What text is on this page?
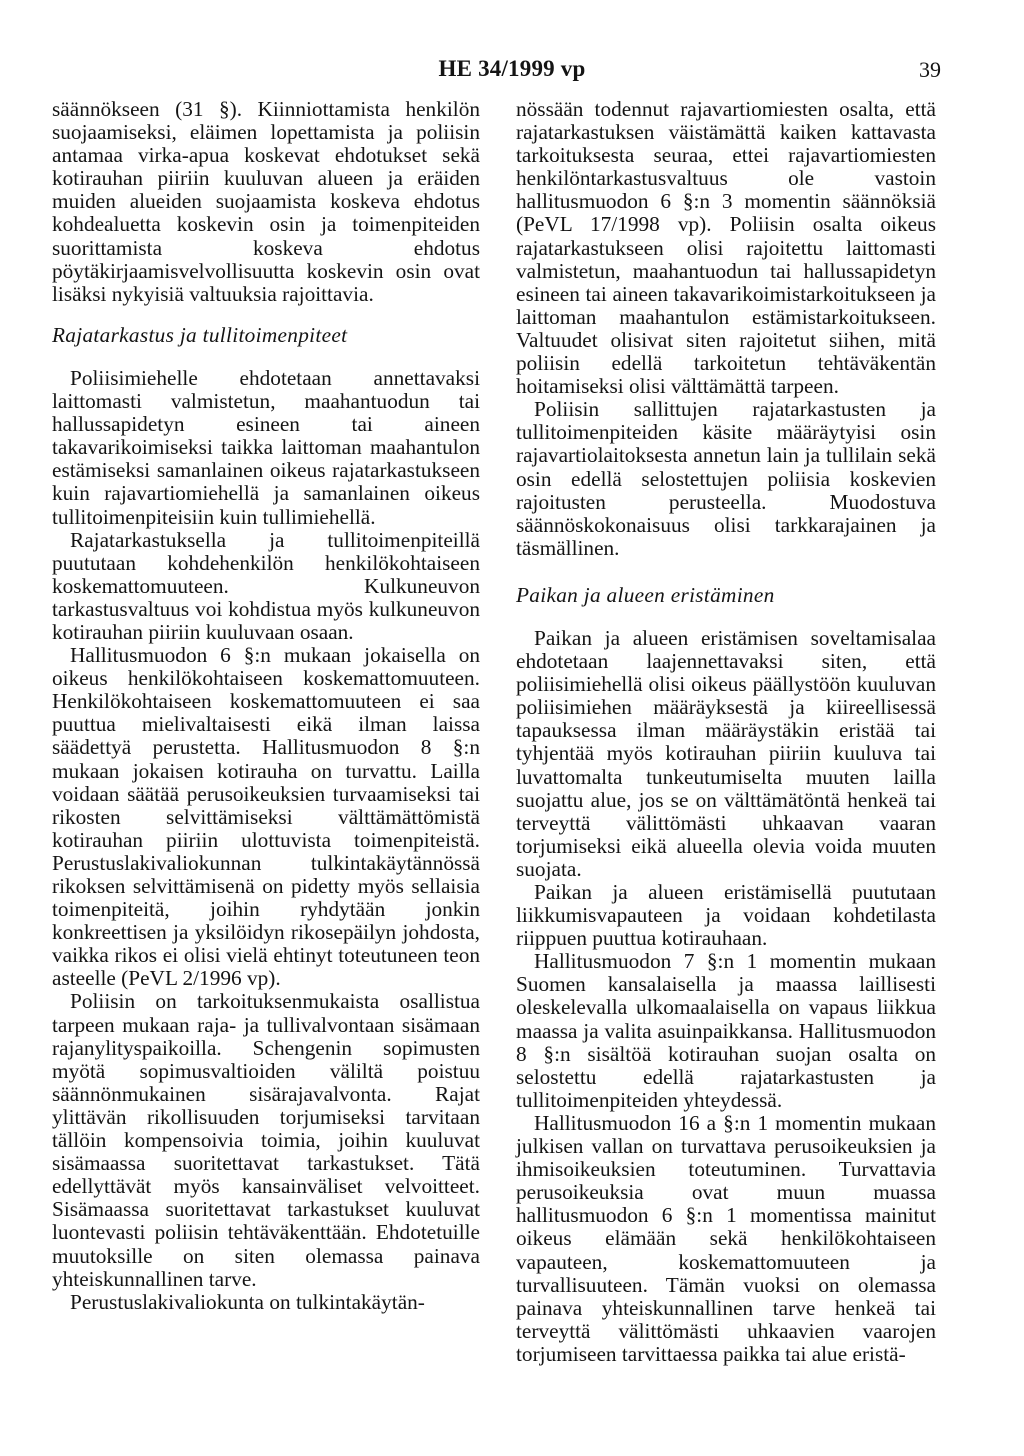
HE 34/1999 vp	39

säännökseen (31 §). Kiinniottamista henkilön suojaamiseksi, eläimen lopettamista ja poliisin antamaa virka-apua koskevat ehdotukset sekä kotirauhan piiriin kuuluvan alueen ja eräiden muiden alueiden suojaamista koskeva ehdotus kohdealuetta koskevin osin ja toimenpiteiden suorittamista koskeva ehdotus pöytäkirjaamisvelvollisuutta koskevin osin ovat lisäksi nykyisiä valtuuksia rajoittavia.

Rajatarkastus ja tullitoimenpiteet

Poliisimiehelle ehdotetaan annettavaksi laittomasti valmistetun, maahantuodun tai hallussapidetyn esineen tai aineen takavarikoimiseksi taikka laittoman maahantulon estämiseksi samanlainen oikeus rajatarkastukseen kuin rajavartiomiehellä ja samanlainen oikeus tullitoimenpiteisiin kuin tullimiehellä.

Rajatarkastuksella ja tullitoimenpiteillä puututaan kohdehenkilön henkilökohtaiseen koskemattomuuteen. Kulkuneuvon tarkastusvaltuus voi kohdistua myös kulkuneuvon kotirauhan piiriin kuuluvaan osaan.

Hallitusmuodon 6 §:n mukaan jokaisella on oikeus henkilökohtaiseen koskemattomuuteen. Henkilökohtaiseen koskemattomuuteen ei saa puuttua mielivaltaisesti eikä ilman laissa säädettyä perustetta. Hallitusmuodon 8 §:n mukaan jokaisen kotirauha on turvattu. Lailla voidaan säätää perusoikeuksien turvaamiseksi tai rikosten selvittämiseksi välttämättömistä kotirauhan piiriin ulottuvista toimenpiteistä. Perustuslakivaliokunnan tulkintakäytännössä rikoksen selvittämisenä on pidetty myös sellaisia toimenpiteitä, joihin ryhdytään jonkin konkreettisen ja yksilöidyn rikosepäilyn johdosta, vaikka rikos ei olisi vielä ehtinyt toteutuneen teon asteelle (PeVL 2/1996 vp).

Poliisin on tarkoituksenmukaista osallistua tarpeen mukaan raja- ja tullivalvontaan sisämaan rajanylityspaikoilla. Schengenin sopimusten myötä sopimusvaltioiden väliltä poistuu säännönmukainen sisärajavalvonta. Rajat ylittävän rikollisuuden torjumiseksi tarvitaan tällöin kompensoivia toimia, joihin kuuluvat sisämaassa suoritettavat tarkastukset. Tätä edellyttävät myös kansainväliset velvoitteet. Sisämaassa suoritettavat tarkastukset kuuluvat luontevasti poliisin tehtäväkenttään. Ehdotetuille muutoksille on siten olemassa painava yhteiskunnallinen tarve.

Perustuslakivaliokunta on tulkintakäytän-

nössään todennut rajavartiomiesten osalta, että rajatarkastuksen väistämättä kaiken kattavasta tarkoituksesta seuraa, ettei rajavartiomiesten henkilöntarkastusvaltuus ole vastoin hallitusmuodon 6 §:n 3 momentin säännöksiä (PeVL 17/1998 vp). Poliisin osalta oikeus rajatarkastukseen olisi rajoitettu laittomasti valmistetun, maahantuodun tai hallussapidetyn esineen tai aineen takavarikoimistarkoitukseen ja laittoman maahantulon estämistarkoitukseen. Valtuudet olisivat siten rajoitetut siihen, mitä poliisin edellä tarkoitetun tehtäväkentän hoitamiseksi olisi välttämättä tarpeen.

Poliisin sallittujen rajatarkastusten ja tullitoimenpiteiden käsite määräytyisi osin rajavartiolaitoksesta annetun lain ja tullilain sekä osin edellä selostettujen poliisia koskevien rajoitusten perusteella. Muodostuva säännöskokonaisuus olisi tarkkarajainen ja täsmällinen.

Paikan ja alueen eristäminen

Paikan ja alueen eristämisen soveltamisalaa ehdotetaan laajennettavaksi siten, että poliisimiehellä olisi oikeus päällystöön kuuluvan poliisimiehen määräyksestä ja kiireellisessä tapauksessa ilman määräystäkin eristää tai tyhjentää myös kotirauhan piiriin kuuluva tai luvattomalta tunkeutumiselta muuten lailla suojattu alue, jos se on välttämätöntä henkeä tai terveyttä välittömästi uhkaavan vaaran torjumiseksi eikä alueella olevia voida muuten suojata.

Paikan ja alueen eristämisellä puututaan liikkumisvapauteen ja voidaan kohdetilasta riippuen puuttua kotirauhaan.

Hallitusmuodon 7 §:n 1 momentin mukaan Suomen kansalaisella ja maassa laillisesti oleskelevalla ulkomaalaisella on vapaus liikkua maassa ja valita asuinpaikkansa. Hallitusmuodon 8 §:n sisältöä kotirauhan suojan osalta on selostettu edellä rajatarkastusten ja tullitoimenpiteiden yhteydessä.

Hallitusmuodon 16 a §:n 1 momentin mukaan julkisen vallan on turvattava perusoikeuksien ja ihmisoikeuksien toteutuminen. Turvattavia perusoikeuksia ovat muun muassa hallitusmuodon 6 §:n 1 momentissa mainitut oikeus elämään sekä henkilökohtaiseen vapauteen, koskemattomuuteen ja turvallisuuteen. Tämän vuoksi on olemassa painava yhteiskunnallinen tarve henkeä tai terveyttä välittömästi uhkaavien vaarojen torjumiseen tarvittaessa paikka tai alue eristä-
